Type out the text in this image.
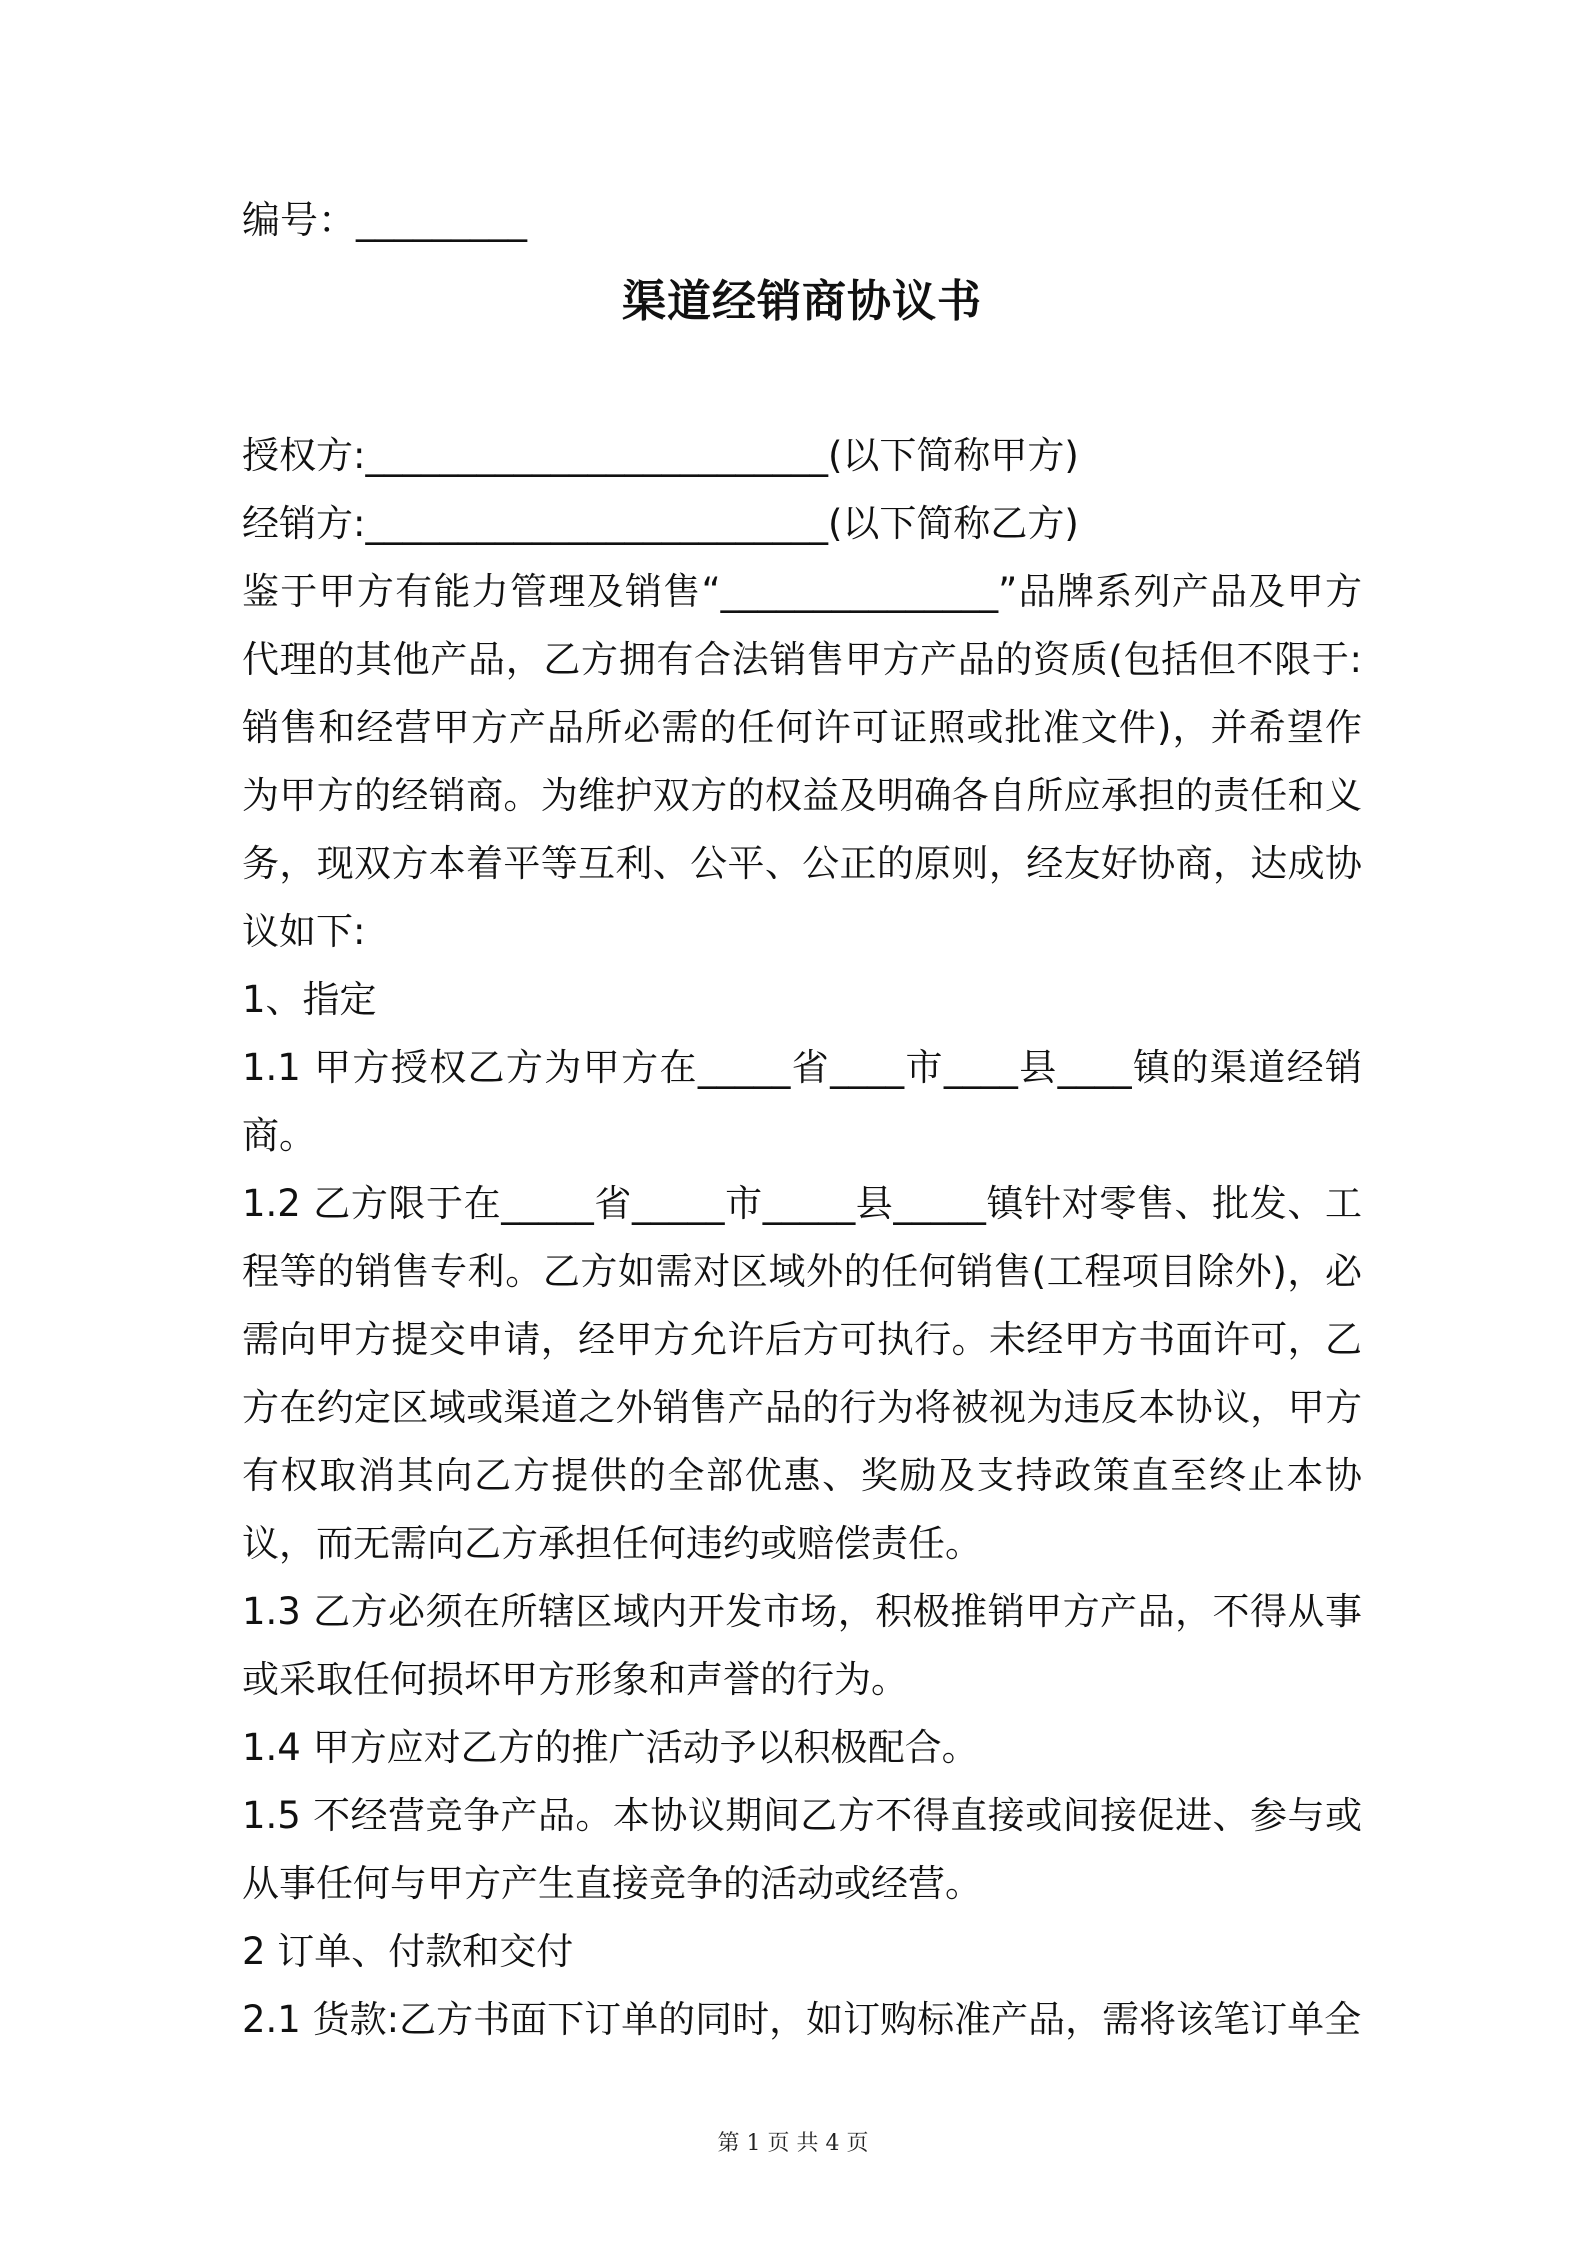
编号：_________
渠道经销商协议书

授权方:_________________________(以下简称甲方)

经销方:_________________________(以下简称乙方)

鉴于甲方有能力管理及销售“_______________”品牌系列产品及甲方代理的其他产品，乙方拥有合法销售甲方产品的资质(包括但不限于:销售和经营甲方产品所必需的任何许可证照或批准文件)，并希望作为甲方的经销商。为维护双方的权益及明确各自所应承担的责任和义务，现双方本着平等互利、公平、公正的原则，经友好协商，达成协议如下:

1、指定

1.1 甲方授权乙方为甲方在_____省____市____县____镇的渠道经销商。

1.2 乙方限于在_____省_____市_____县_____镇针对零售、批发、工程等的销售专利。乙方如需对区域外的任何销售(工程项目除外)，必需向甲方提交申请，经甲方允许后方可执行。未经甲方书面许可，乙方在约定区域或渠道之外销售产品的行为将被视为违反本协议，甲方有权取消其向乙方提供的全部优惠、奖励及支持政策直至终止本协议，而无需向乙方承担任何违约或赔偿责任。

1.3 乙方必须在所辖区域内开发市场，积极推销甲方产品，不得从事或采取任何损坏甲方形象和声誉的行为。

1.4 甲方应对乙方的推广活动予以积极配合。

1.5 不经营竞争产品。本协议期间乙方不得直接或间接促进、参与或从事任何与甲方产生直接竞争的活动或经营。

2 订单、付款和交付

2.1 货款:乙方书面下订单的同时，如订购标准产品，需将该笔订单全

第 1 页 共 4 页
